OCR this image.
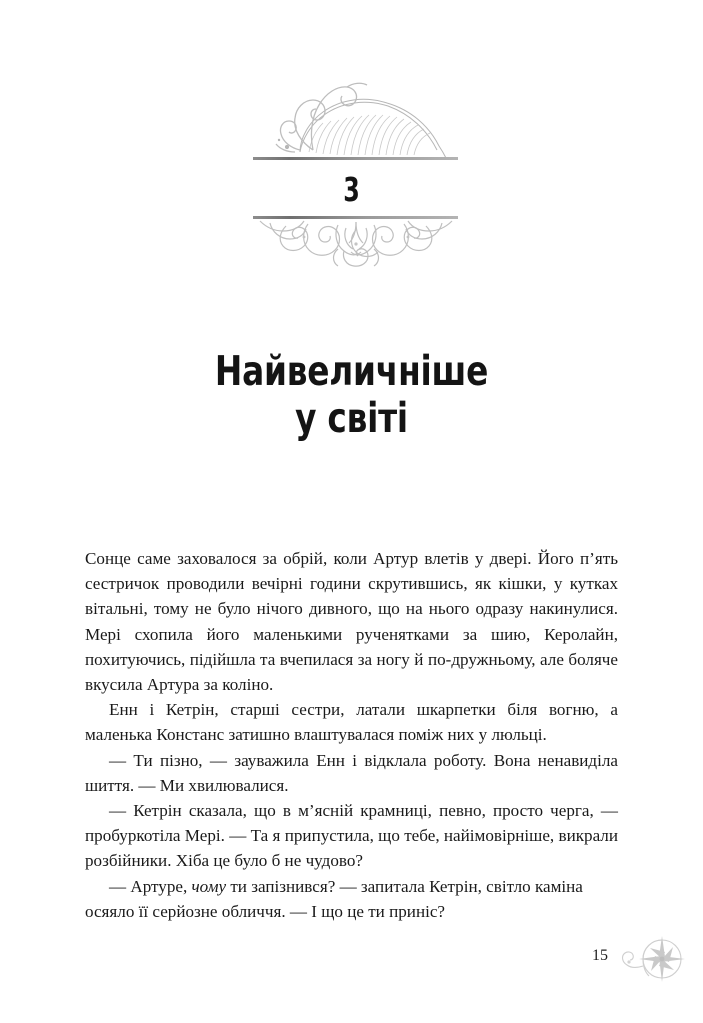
3
Найвеличніше
у світі

Сонце саме заховалося за обрій, коли Артур влетів у двері. Його п’ять сестричок проводили вечірні години скрутившись, як кішки, у кутках вітальні, тому не було нічого дивного, що на нього одразу накинулися. Мері схопила його маленькими рученятками за шию, Керолайн, похитуючись, підійшла та вчепилася за ногу й по-дружньому, але боляче вкусила Артура за коліно.

Енн і Кетрін, старші сестри, латали шкарпетки біля вогню, а маленька Констанс затишно влаштувалася поміж них у люльці.

— Ти пізно, — зауважила Енн і відклала роботу. Вона ненавиділа шиття. — Ми хвилювалися.

— Кетрін сказала, що в м’ясній крамниці, певно, просто черга, — пробуркотіла Мері. — Та я припустила, що тебе, найімовірніше, викрали розбійники. Хіба це було б не чудово?

— Артуре, чому ти запізнився? — запитала Кетрін, світло каміна осяяло її серйозне обличчя. — І що це ти приніс?

15
